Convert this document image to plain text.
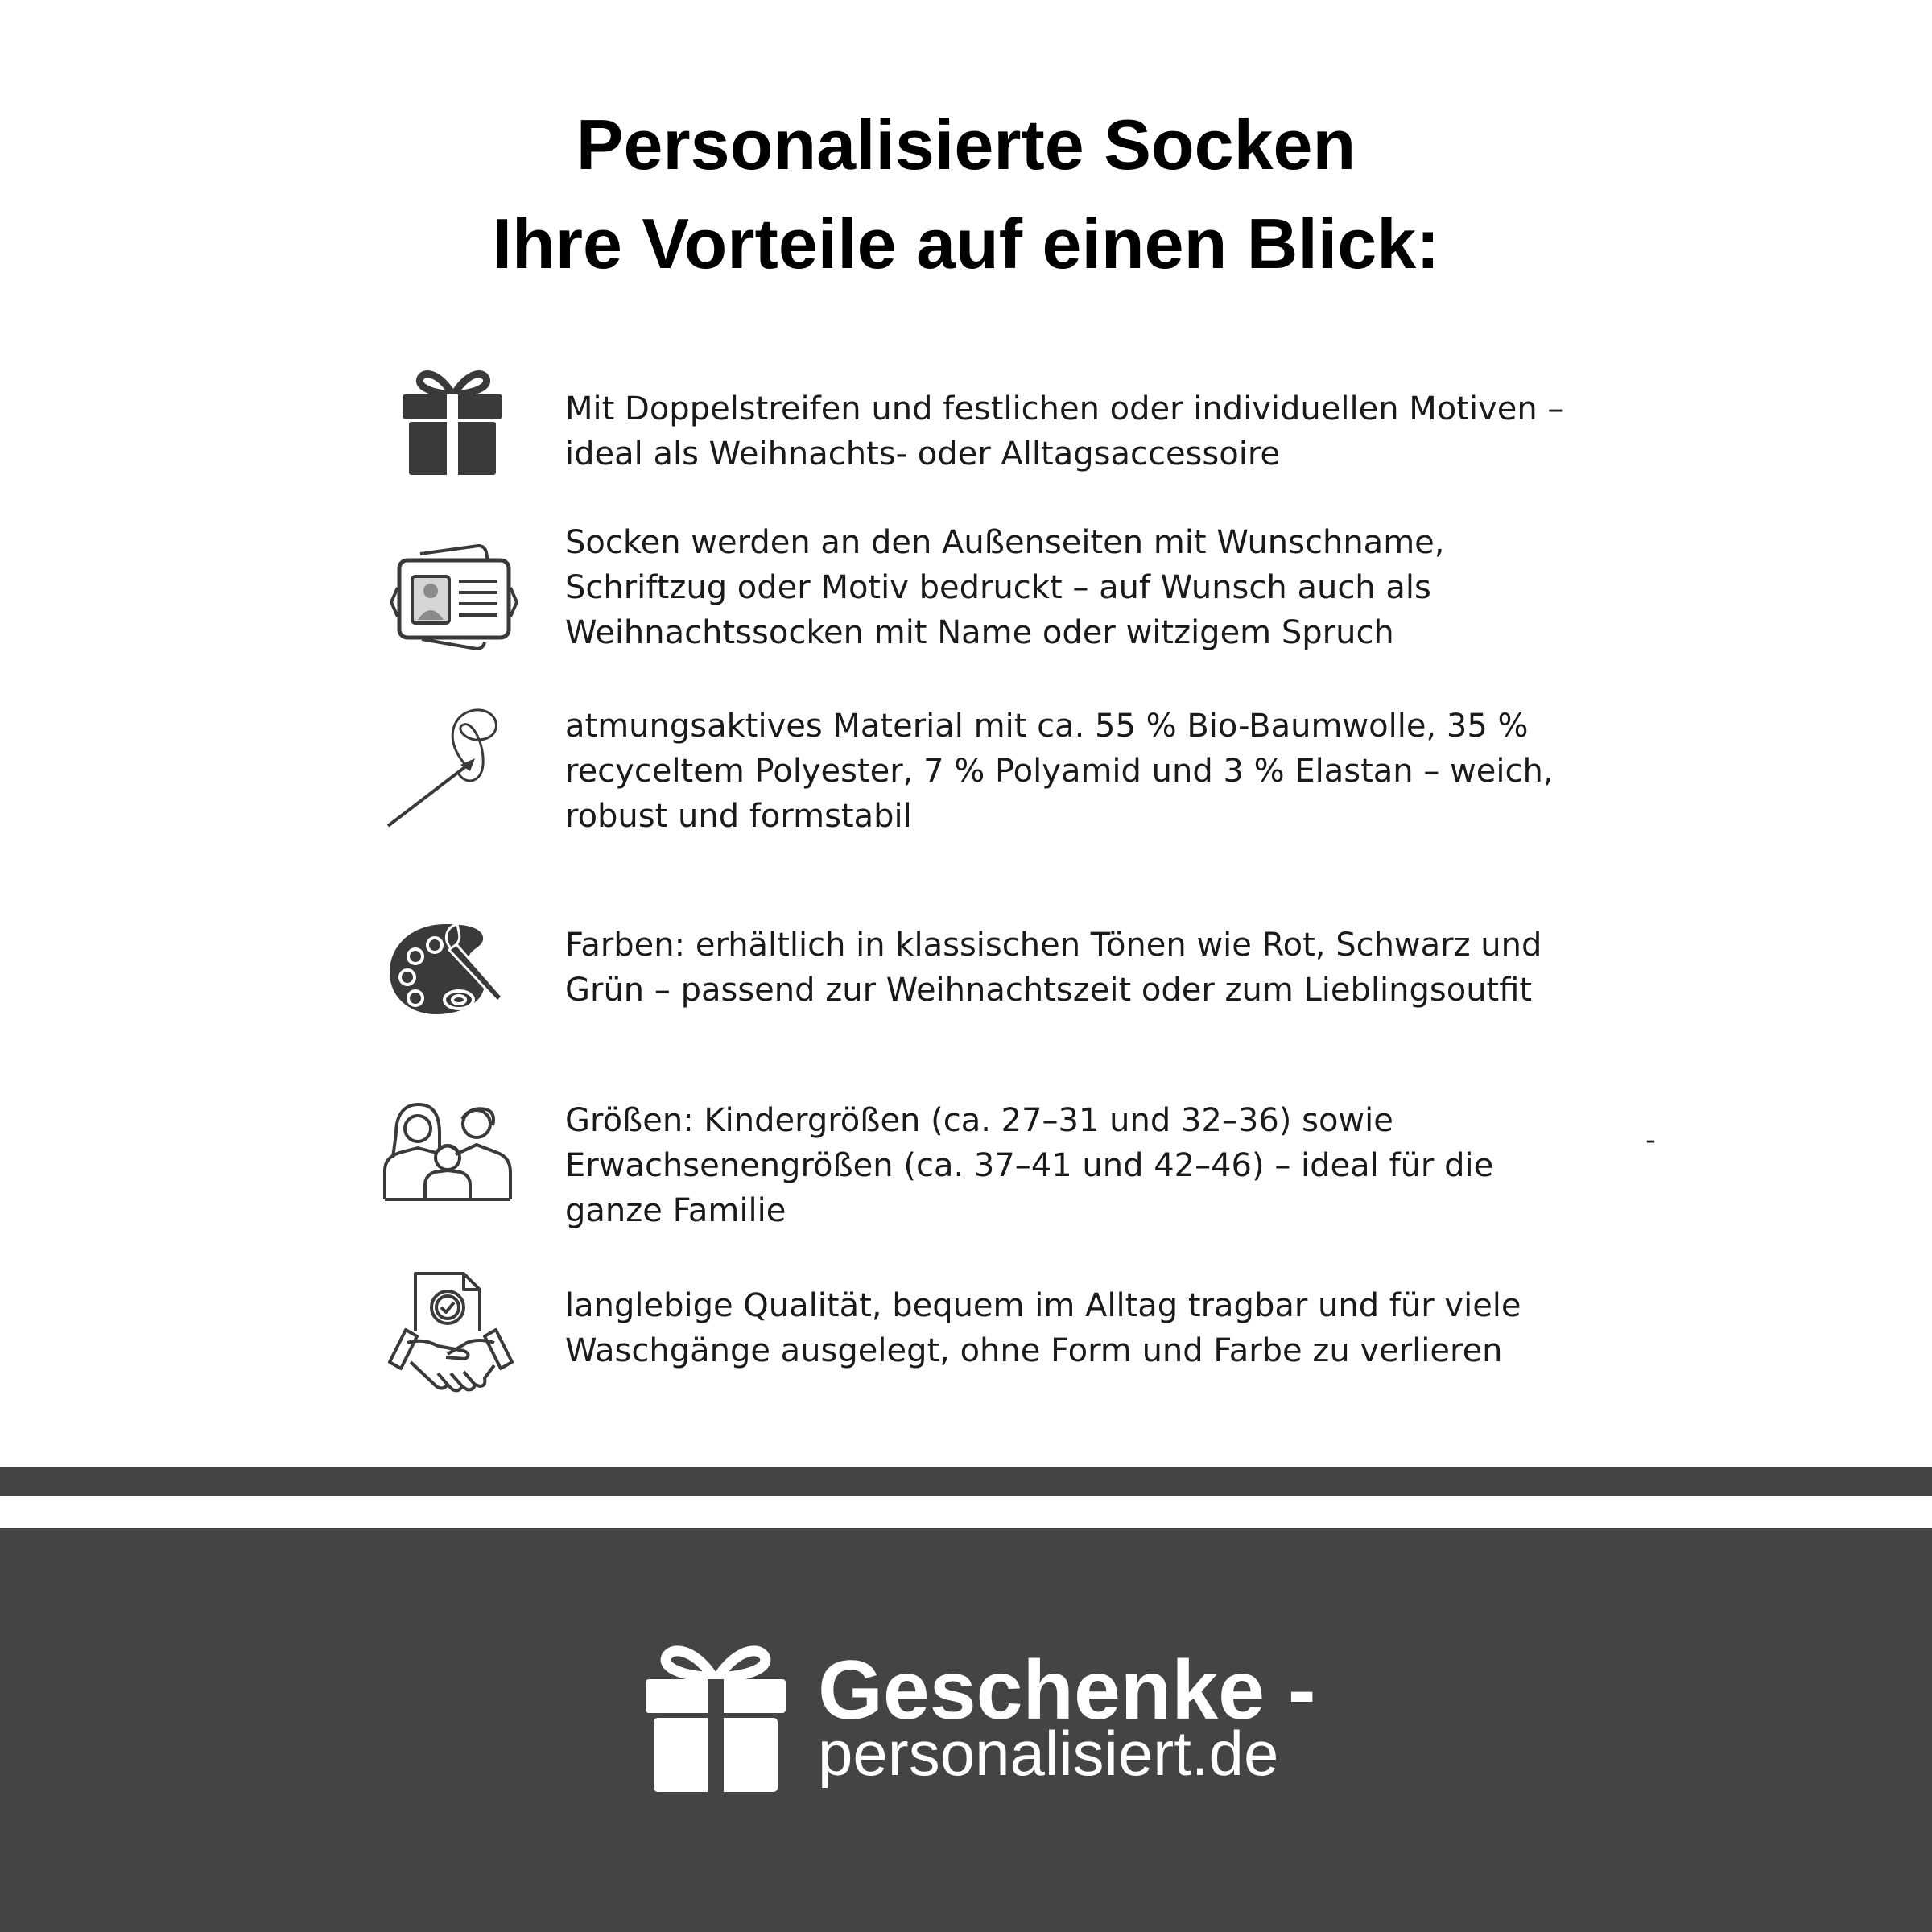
Personalisierte Socken
Ihre Vorteile auf einen Blick:

Mit Doppelstreifen und festlichen oder individuellen Motiven – ideal als Weihnachts- oder Alltagsaccessoire

Socken werden an den Außenseiten mit Wunschname, Schriftzug oder Motiv bedruckt – auf Wunsch auch als Weihnachtssocken mit Name oder witzigem Spruch

atmungsaktives Material mit ca. 55 % Bio-Baumwolle, 35 % recyceltem Polyester, 7 % Polyamid und 3 % Elastan – weich, robust und formstabil

Farben: erhältlich in klassischen Tönen wie Rot, Schwarz und Grün – passend zur Weihnachtszeit oder zum Lieblingsoutfit

Größen: Kindergrößen (ca. 27–31 und 32–36) sowie Erwachsenengrößen (ca. 37–41 und 42–46) – ideal für die ganze Familie

-

langlebige Qualität, bequem im Alltag tragbar und für viele Waschgänge ausgelegt, ohne Form und Farbe zu verlieren

Geschenke -
personalisiert.de
